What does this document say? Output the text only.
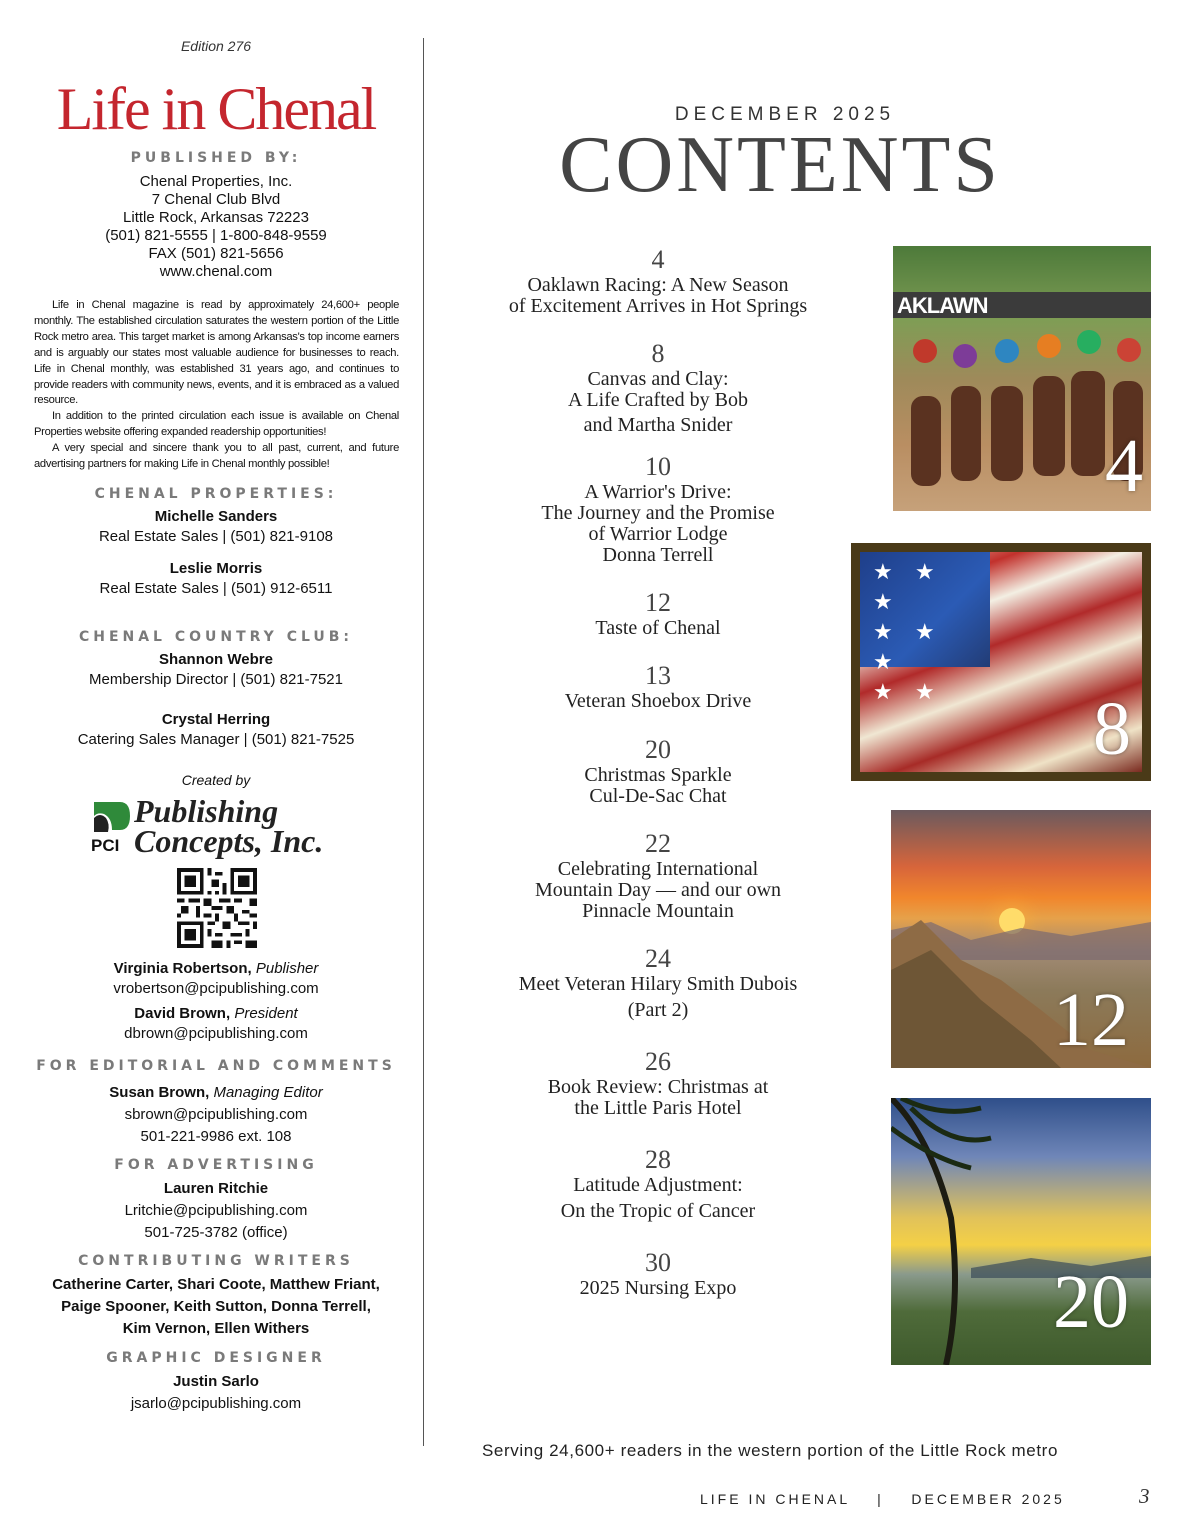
Edition 276
Life in Chenal
PUBLISHED BY:
Chenal Properties, Inc.
7 Chenal Club Blvd
Little Rock, Arkansas 72223
(501) 821-5555 | 1-800-848-9559
FAX (501) 821-5656
www.chenal.com

Life in Chenal magazine is read by approximately 24,600+ people monthly. The established circulation saturates the western portion of the Little Rock metro area. This target market is among Arkansas's top income earners and is arguably our states most valuable audience for businesses to reach. Life in Chenal monthly, was established 31 years ago, and continues to provide readers with community news, events, and it is embraced as a valued resource.

In addition to the printed circulation each issue is available on Chenal Properties website offering expanded readership opportunities!

A very special and sincere thank you to all past, current, and future advertising partners for making Life in Chenal monthly possible!

CHENAL PROPERTIES:
Michelle Sanders
Real Estate Sales | (501) 821-9108
Leslie Morris
Real Estate Sales | (501) 912-6511
CHENAL COUNTRY CLUB:
Shannon Webre
Membership Director | (501) 821-7521
Crystal Herring
Catering Sales Manager | (501) 821-7525
Created by
PCI
Publishing
Concepts, Inc.
Virginia Robertson, Publisher
vrobertson@pcipublishing.com
David Brown, President
dbrown@pcipublishing.com
FOR EDITORIAL AND COMMENTS
Susan Brown, Managing Editor
sbrown@pcipublishing.com
501-221-9986 ext. 108
FOR ADVERTISING
Lauren Ritchie
Lritchie@pcipublishing.com
501-725-3782 (office)
CONTRIBUTING WRITERS
Catherine Carter, Shari Coote, Matthew Friant,
Paige Spooner, Keith Sutton, Donna Terrell,
Kim Vernon, Ellen Withers
GRAPHIC DESIGNER
Justin Sarlo
jsarlo@pcipublishing.com
DECEMBER 2025
CONTENTS
4
Oaklawn Racing: A New Season
of Excitement Arrives in Hot Springs
8
Canvas and Clay:
A Life Crafted by Bob
and Martha Snider
10
A Warrior's Drive:
The Journey and the Promise
of Warrior Lodge
Donna Terrell
12
Taste of Chenal
13
Veteran Shoebox Drive
20
Christmas Sparkle
Cul-De-Sac Chat
22
Celebrating International
Mountain Day — and our own
Pinnacle Mountain
24
Meet Veteran Hilary Smith Dubois
(Part 2)
26
Book Review: Christmas at
the Little Paris Hotel
28
Latitude Adjustment:
On the Tropic of Cancer
30
2025 Nursing Expo
AKLAWN
4
★ ★ ★
★ ★ ★
★ ★	8
12
20
Serving 24,600+ readers in the western portion of the Little Rock metro
LIFE IN CHENAL    |    DECEMBER 2025	3
